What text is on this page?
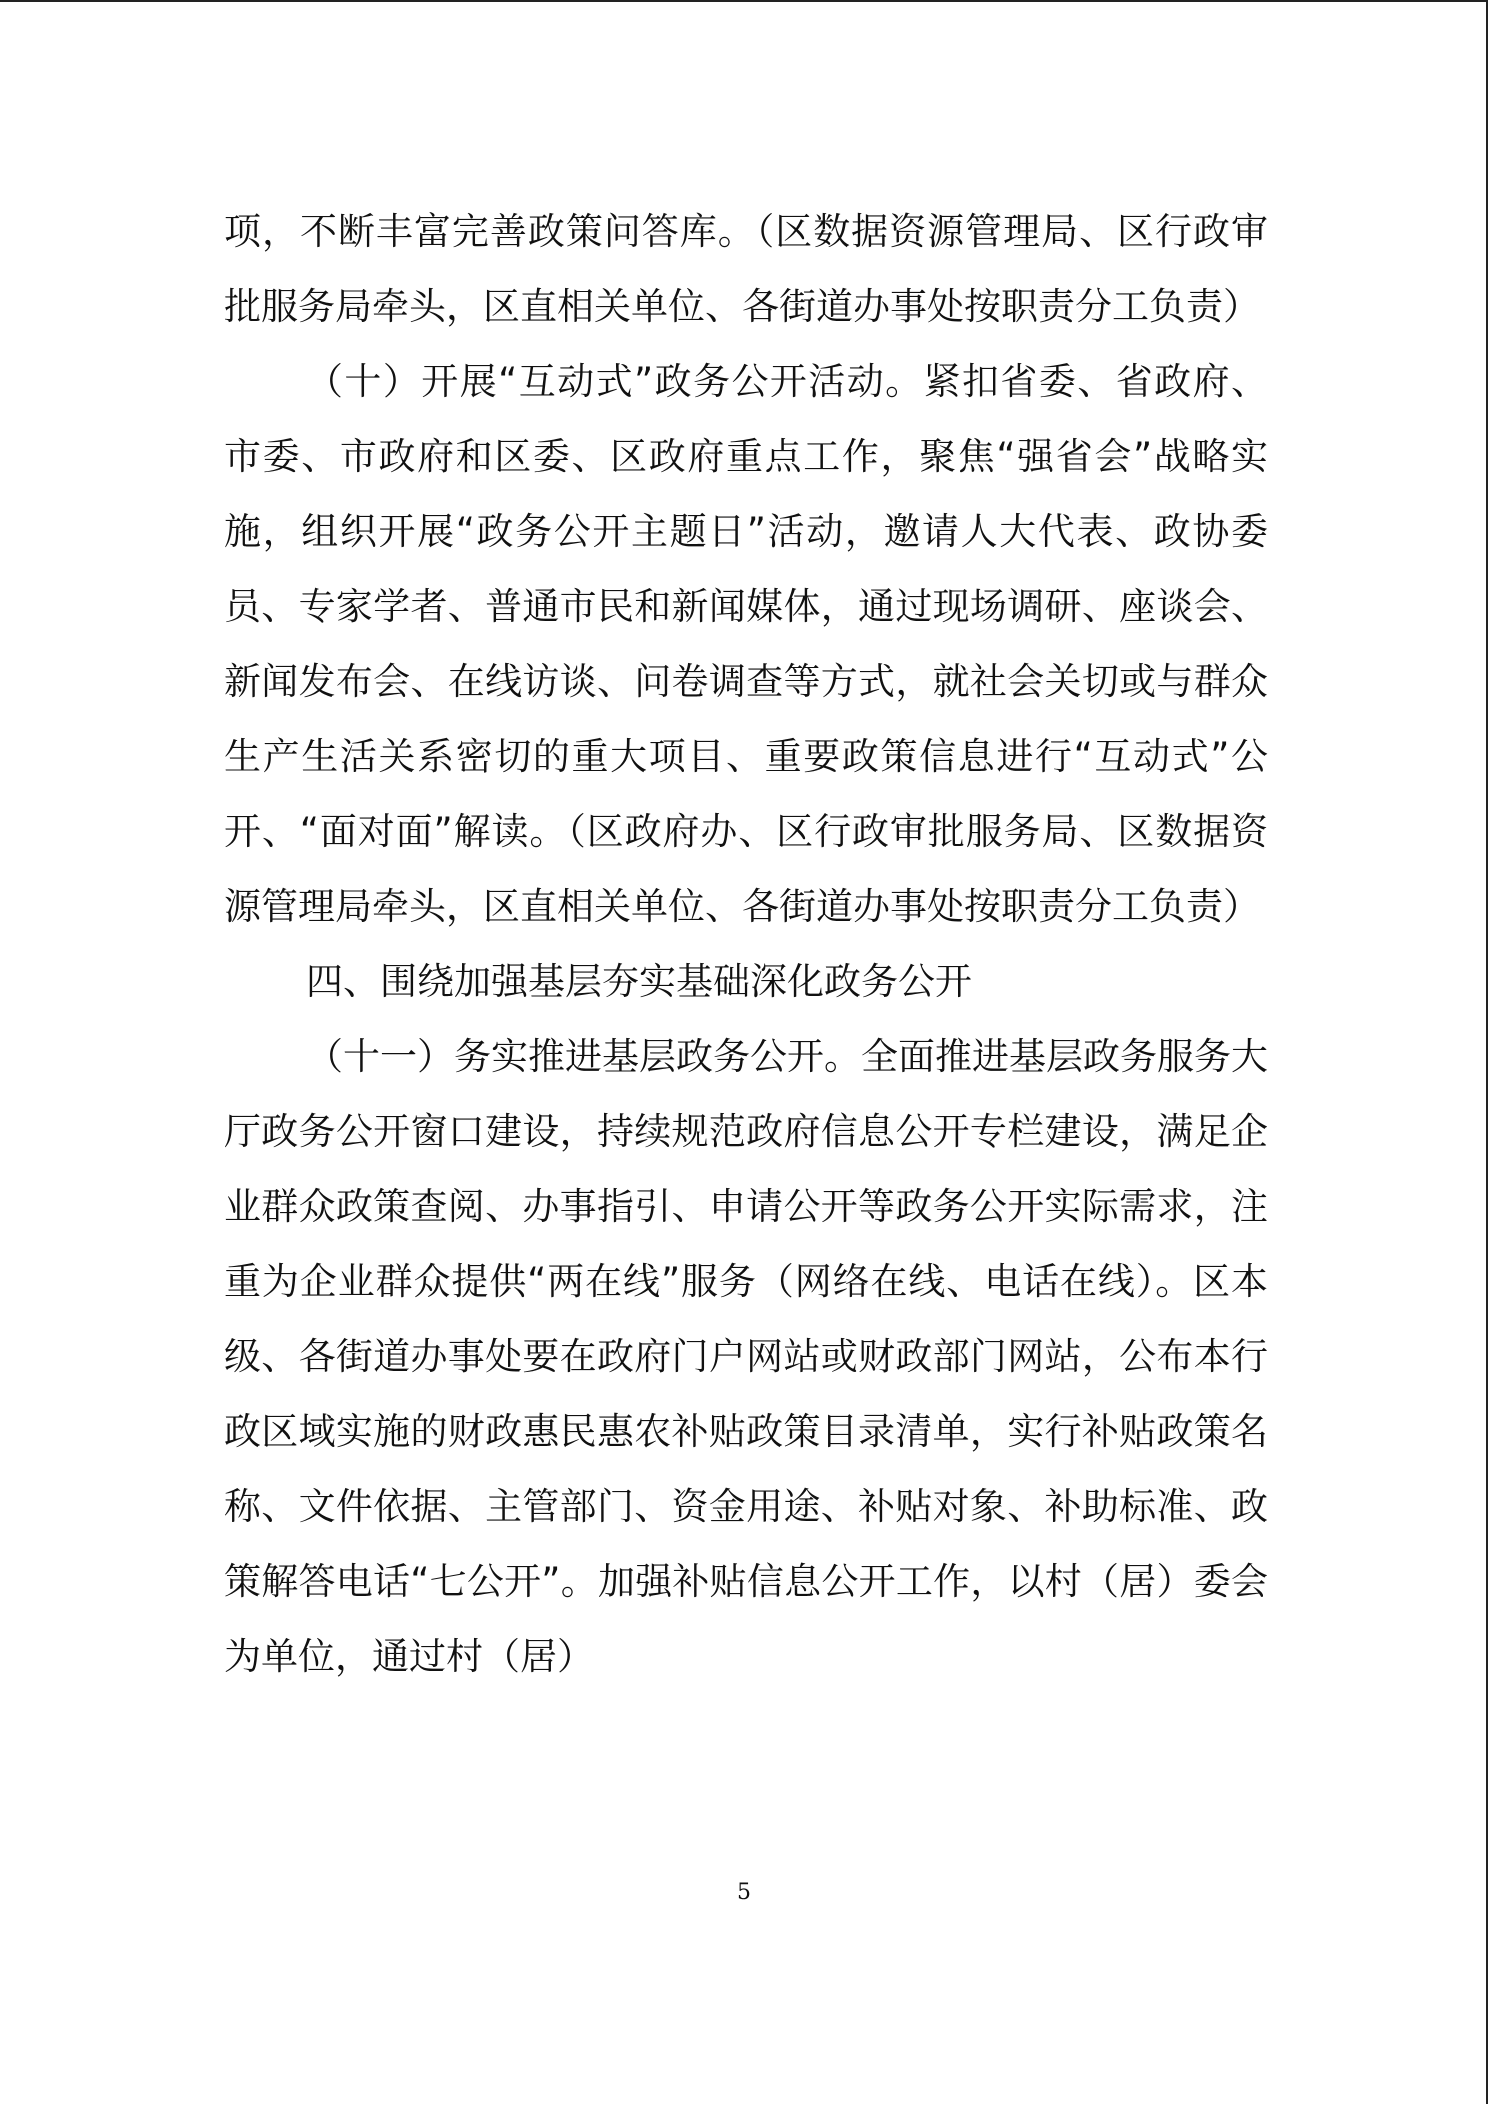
项，不断丰富完善政策问答库。（区数据资源管理局、区行政审批服务局牵头，区直相关单位、各街道办事处按职责分工负责）

（十）开展“互动式”政务公开活动。紧扣省委、省政府、市委、市政府和区委、区政府重点工作，聚焦“强省会”战略实施，组织开展“政务公开主题日”活动，邀请人大代表、政协委员、专家学者、普通市民和新闻媒体，通过现场调研、座谈会、新闻发布会、在线访谈、问卷调查等方式，就社会关切或与群众生产生活关系密切的重大项目、重要政策信息进行“互动式”公开、“面对面”解读。（区政府办、区行政审批服务局、区数据资源管理局牵头，区直相关单位、各街道办事处按职责分工负责）

四、围绕加强基层夯实基础深化政务公开

（十一）务实推进基层政务公开。全面推进基层政务服务大厅政务公开窗口建设，持续规范政府信息公开专栏建设，满足企业群众政策查阅、办事指引、申请公开等政务公开实际需求，注重为企业群众提供“两在线”服务（网络在线、电话在线）。区本级、各街道办事处要在政府门户网站或财政部门网站，公布本行政区域实施的财政惠民惠农补贴政策目录清单，实行补贴政策名称、文件依据、主管部门、资金用途、补贴对象、补助标准、政策解答电话“七公开”。加强补贴信息公开工作，以村（居）委会为单位，通过村（居）

5
